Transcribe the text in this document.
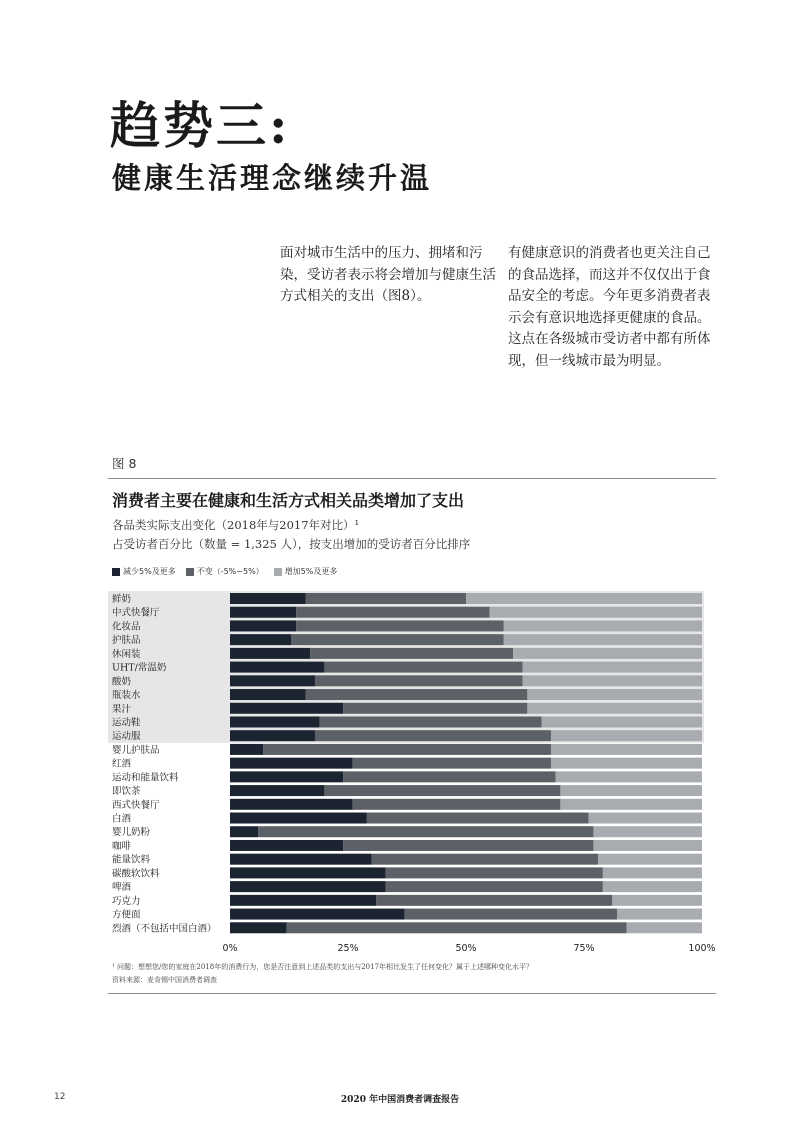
趋势三:
健康生活理念继续升温

面对城市生活中的压力、拥堵和污染，受访者表示将会增加与健康生活方式相关的支出（图8）。

有健康意识的消费者也更关注自己的食品选择，而这并不仅仅出于食品安全的考虑。今年更多消费者表示会有意识地选择更健康的食品。这点在各级城市受访者中都有所体现，但一线城市最为明显。

图 8
消费者主要在健康和生活方式相关品类增加了支出

各品类实际支出变化（2018年与2017年对比）¹

占受访者百分比（数量 = 1,325 人），按支出增加的受访者百分比排序

减少5%及更多	不变（-5%~5%）	增加5%及更多
鲜奶
中式快餐厅
化妆品
护肤品
休闲装
UHT/常温奶
酸奶
瓶装水
果汁
运动鞋
运动服
婴儿护肤品
红酒
运动和能量饮料
即饮茶
西式快餐厅
白酒
婴儿奶粉
咖啡
能量饮料
碳酸软饮料
啤酒
巧克力
方便面
烈酒（不包括中国白酒）
0%	25%	50%	75%	100%

¹ 问题：想想您/您的家庭在2018年的消费行为，您是否注意到上述品类的支出与2017年相比发生了任何变化？属于上述哪种变化水平？

资料来源：麦肯锡中国消费者调查

12	2020 年中国消费者调查报告
